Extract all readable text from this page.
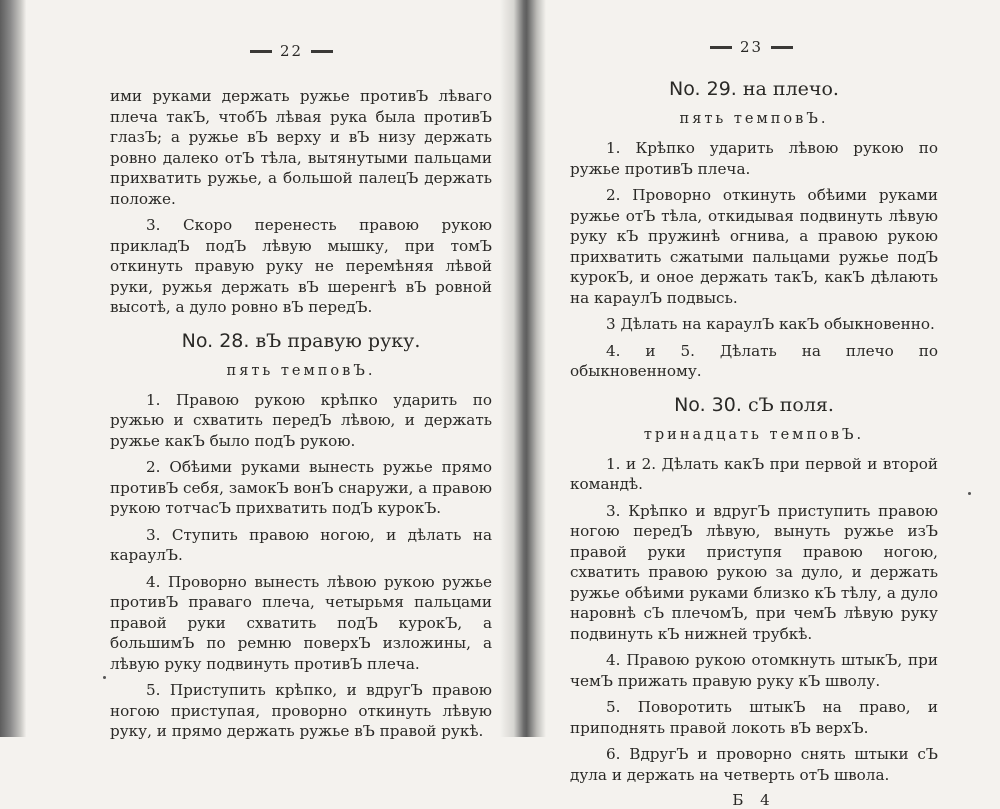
22

ими руками держать ружье противЪ лѣваго плеча такЪ, чтобЪ лѣвая рука была противЪ глазЪ; а ружье вЪ верху и вЪ низу держать ровно далеко отЪ тѣла, вытянутыми пальцами прихватить ружье, а большой палецЪ держать положе.

3. Скоро перенесть правою рукою прикладЪ подЪ лѣвую мышку, при томЪ откинуть правую руку не перемѣняя лѣвой руки, ружья держать вЪ шеренгѣ вЪ ровной высотѣ, а дуло ровно вЪ передЪ.

No. 28. вЪ правую руку.
пять темповЪ.

1. Правою рукою крѣпко ударить по ружью и схватить передЪ лѣвою, и держать ружье какЪ было подЪ рукою.

2. Обѣими руками вынесть ружье прямо противЪ себя, замокЪ вонЪ снаружи, а правою рукою тотчасЪ прихватить подЪ курокЪ.

3. Ступить правою ногою, и дѣлать на караулЪ.

4. Проворно вынесть лѣвою рукою ружье противЪ праваго плеча, четырьмя пальцами правой руки схватить подЪ курокЪ, а большимЪ по ремню поверхЪ изложины, а лѣвую руку подвинуть противЪ плеча.

5. Приступить крѣпко, и вдругЪ правою ногою приступая, проворно откинуть лѣвую руку, и прямо держать ружье вЪ правой рукѣ.

23
No. 29. на плечо.
пять темповЪ.

1. Крѣпко ударить лѣвою рукою по ружье противЪ плеча.

2. Проворно откинуть обѣими руками ружье отЪ тѣла, откидывая подвинуть лѣвую руку кЪ пружинѣ огнива, а правою рукою прихватить сжатыми пальцами ружье подЪ курокЪ, и оное держать такЪ, какЪ дѣлають на караулЪ подвысь.

3 Дѣлать на караулЪ какЪ обыкновенно.

4. и 5. Дѣлать на плечо по обыкновенному.

No. 30. сЪ поля.
тринадцать темповЪ.

1. и 2. Дѣлать какЪ при первой и второй командѣ.

3. Крѣпко и вдругЪ приступить правою ногою передЪ лѣвую, вынуть ружье изЪ правой руки приступя правою ногою, схватить правою рукою за дуло, и держать ружье обѣими руками близко кЪ тѣлу, а дуло наровнѣ сЪ плечомЪ, при чемЪ лѣвую руку подвинуть кЪ нижней трубкѣ.

4. Правою рукою отомкнуть штыкЪ, при чемЪ прижать правую руку кЪ шволу.

5. Поворотить штыкЪ на право, и приподнять правой локоть вЪ верхЪ.

6. ВдругЪ и проворно снять штыки сЪ дула и держать на четверть отЪ швола.

Б 4
